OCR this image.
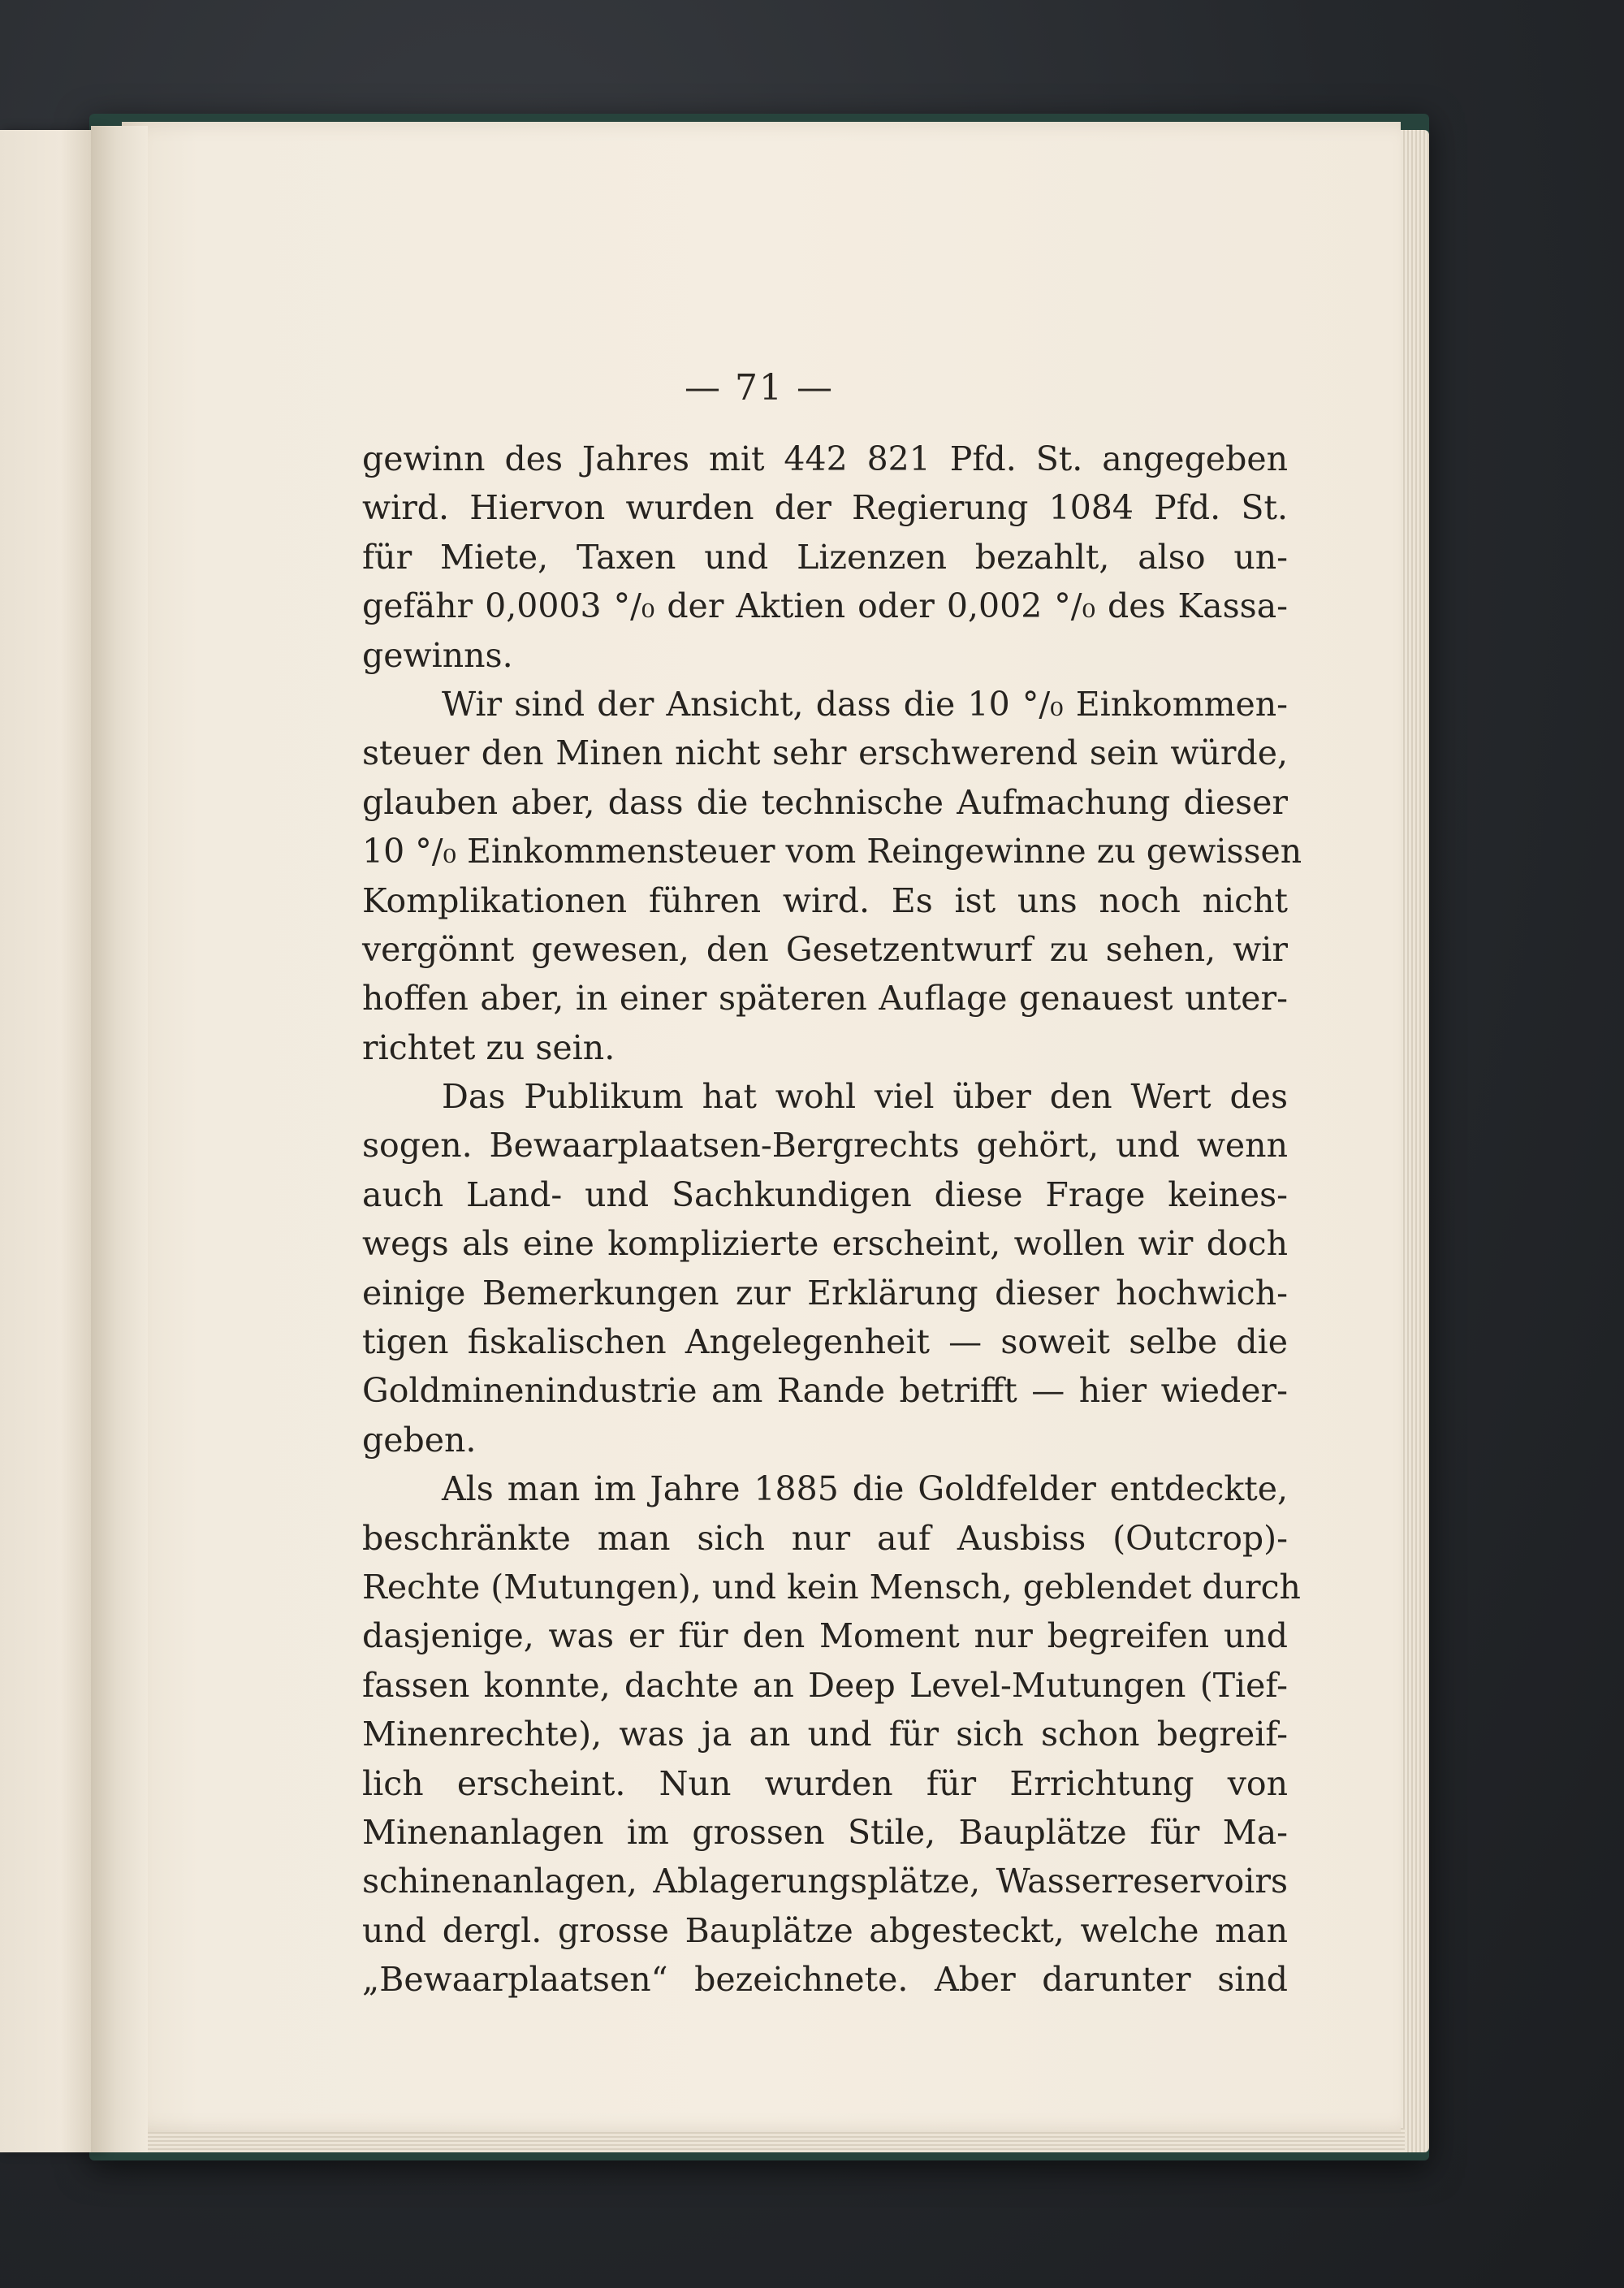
— 71 —
gewinn des Jahres mit 442 821 Pfd. St. angegeben
wird. Hiervon wurden der Regierung 1084 Pfd. St.
für Miete, Taxen und Lizenzen bezahlt, also un-
gefähr 0,0003 °/₀ der Aktien oder 0,002 °/₀ des Kassa-
gewinns.
Wir sind der Ansicht, dass die 10 °/₀ Einkommen-
steuer den Minen nicht sehr erschwerend sein würde,
glauben aber, dass die technische Aufmachung dieser
10 °/₀ Einkommensteuer vom Reingewinne zu gewissen
Komplikationen führen wird. Es ist uns noch nicht
vergönnt gewesen, den Gesetzentwurf zu sehen, wir
hoffen aber, in einer späteren Auflage genauest unter-
richtet zu sein.
Das Publikum hat wohl viel über den Wert des
sogen. Bewaarplaatsen-Bergrechts gehört, und wenn
auch Land- und Sachkundigen diese Frage keines-
wegs als eine komplizierte erscheint, wollen wir doch
einige Bemerkungen zur Erklärung dieser hochwich-
tigen fiskalischen Angelegenheit — soweit selbe die
Goldminenindustrie am Rande betrifft — hier wieder-
geben.
Als man im Jahre 1885 die Goldfelder entdeckte,
beschränkte man sich nur auf Ausbiss (Outcrop)-
Rechte (Mutungen), und kein Mensch, geblendet durch
dasjenige, was er für den Moment nur begreifen und
fassen konnte, dachte an Deep Level-Mutungen (Tief-
Minenrechte), was ja an und für sich schon begreif-
lich erscheint. Nun wurden für Errichtung von
Minenanlagen im grossen Stile, Bauplätze für Ma-
schinenanlagen, Ablagerungsplätze, Wasserreservoirs
und dergl. grosse Bauplätze abgesteckt, welche man
„Bewaarplaatsen“ bezeichnete. Aber darunter sind
